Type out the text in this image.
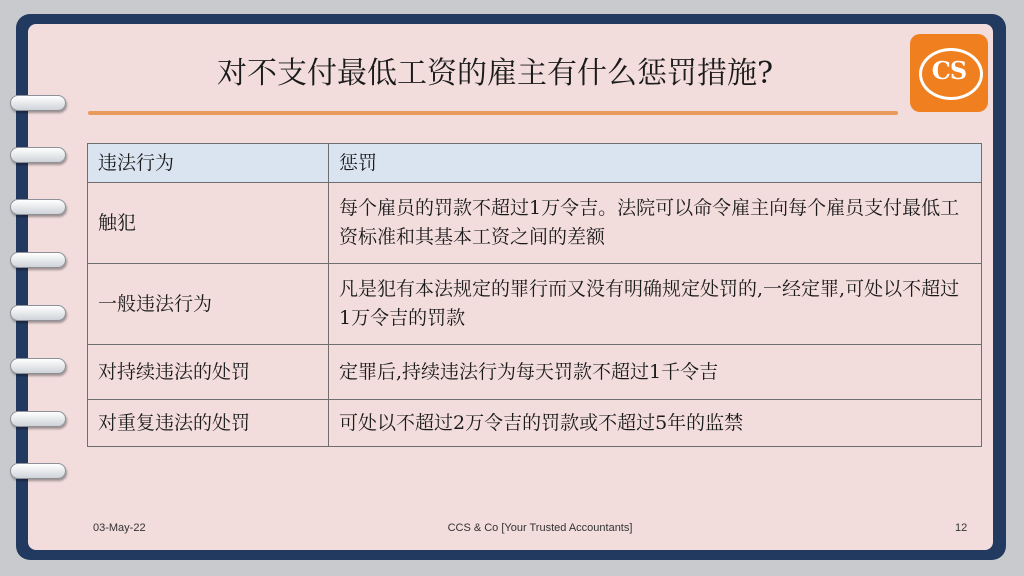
对不支付最低工资的雇主有什么惩罚措施?	CS
违法行为	惩罚
触犯	每个雇员的罚款不超过1万令吉。法院可以命令雇主向每个雇员支付最低工资标准和其基本工资之间的差额
一般违法行为	凡是犯有本法规定的罪行而又没有明确规定处罚的,一经定罪,可处以不超过1万令吉的罚款
对持续违法的处罚	定罪后,持续违法行为每天罚款不超过1千令吉
对重复违法的处罚	可处以不超过2万令吉的罚款或不超过5年的监禁
03-May-22	CCS & Co [Your Trusted Accountants]	12
